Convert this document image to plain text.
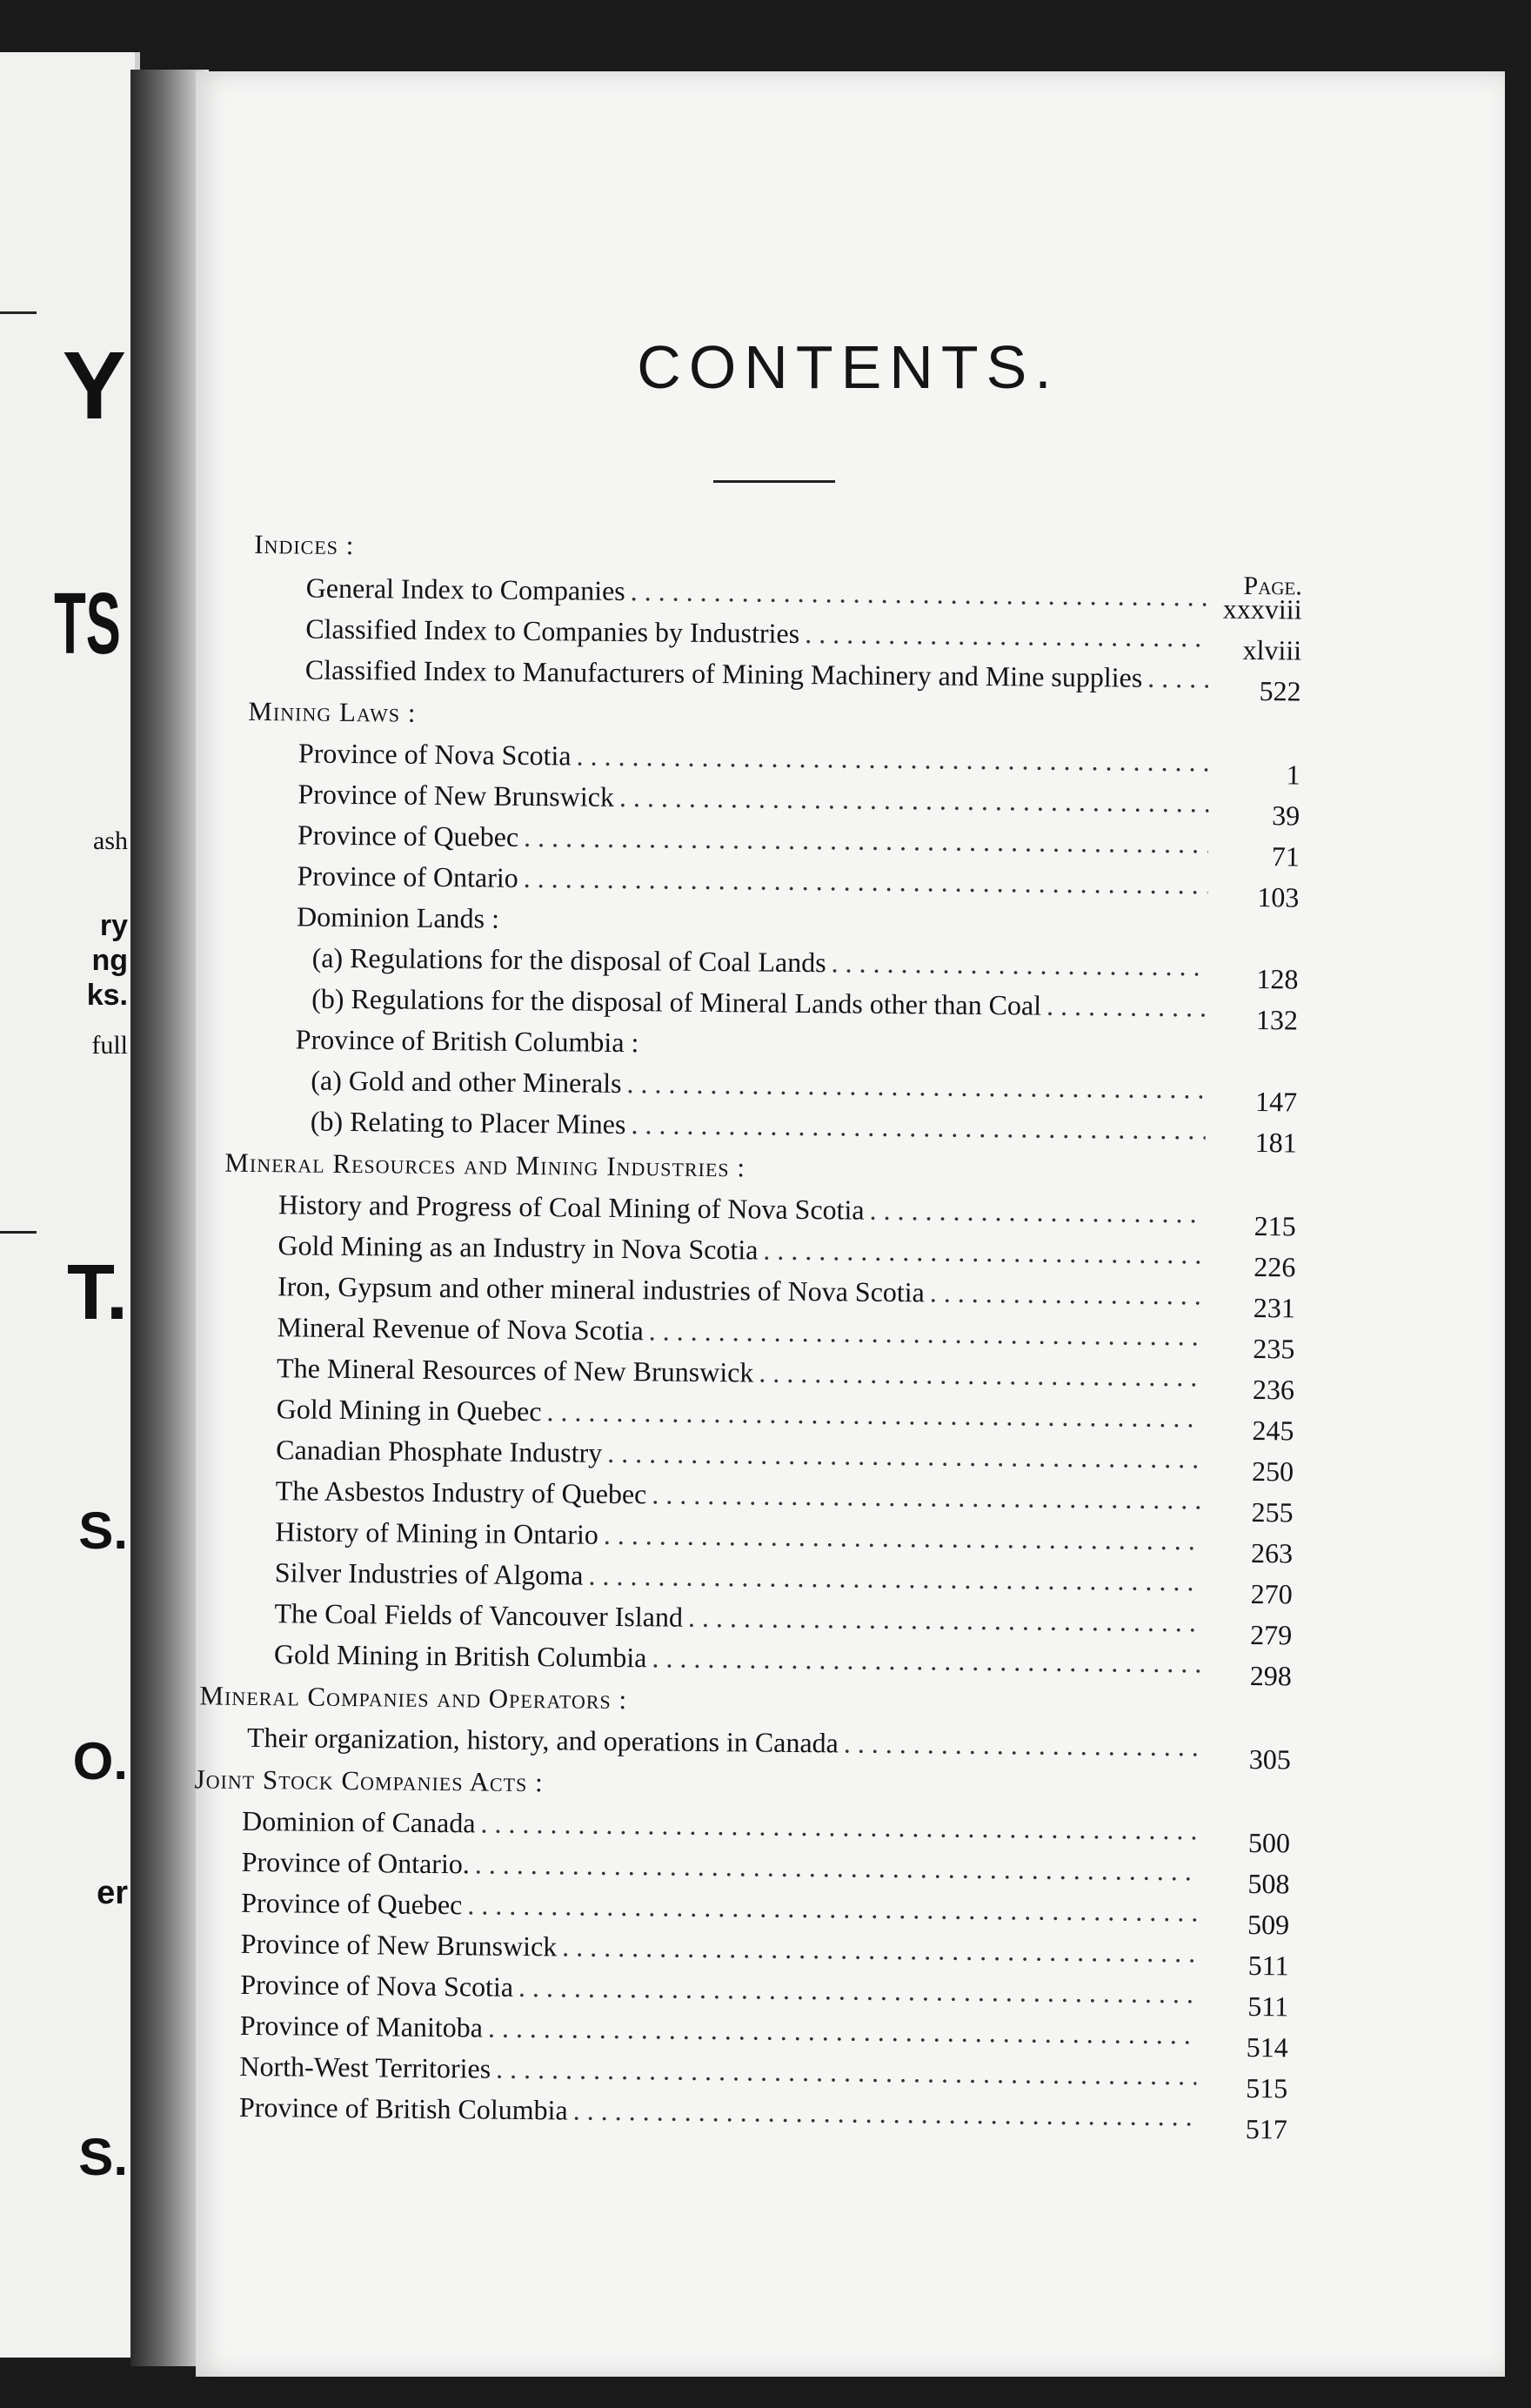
Y
TS
ash
ry
ng
ks.
full
T.
S.
O.
er
S.
CONTENTS.
Page.
Indices :
xxxviii
General Index to Companies
. . .
xlviii
Classified Index to Companies by Industries
. . .
522
Classified Index to Manufacturers of Mining Machinery and Mine supplies
. . .
Mining Laws :
1
Province of Nova Scotia
. . .
39
Province of New Brunswick
. . .
71
Province of Quebec
. . .
103
Province of Ontario
. . .
Dominion Lands :
128
(a) Regulations for the disposal of Coal Lands
. . .
132
(b) Regulations for the disposal of Mineral Lands other than Coal
. . .
Province of British Columbia :
147
(a) Gold and other Minerals
. . .
181
(b) Relating to Placer Mines
. . .
Mineral Resources and Mining Industries :
215
History and Progress of Coal Mining of Nova Scotia
. . .
226
Gold Mining as an Industry in Nova Scotia
. . .
231
Iron, Gypsum and other mineral industries of Nova Scotia
. . .
235
Mineral Revenue of Nova Scotia
. . .
236
The Mineral Resources of New Brunswick
. . .
245
Gold Mining in Quebec
. . .
250
Canadian Phosphate Industry
. . .
255
The Asbestos Industry of Quebec
. . .
263
History of Mining in Ontario
. . .
270
Silver Industries of Algoma
. . .
279
The Coal Fields of Vancouver Island
. . .
298
Gold Mining in British Columbia
. . .
Mineral Companies and Operators :
305
Their organization, history, and operations in Canada
. . .
Joint Stock Companies Acts :
500
Dominion of Canada
. . .
508
Province of Ontario.
. . .
509
Province of Quebec
. . .
511
Province of New Brunswick
. . .
511
Province of Nova Scotia
. . .
514
Province of Manitoba
. . .
515
North-West Territories
. . .
517
Province of British Columbia
. . .
